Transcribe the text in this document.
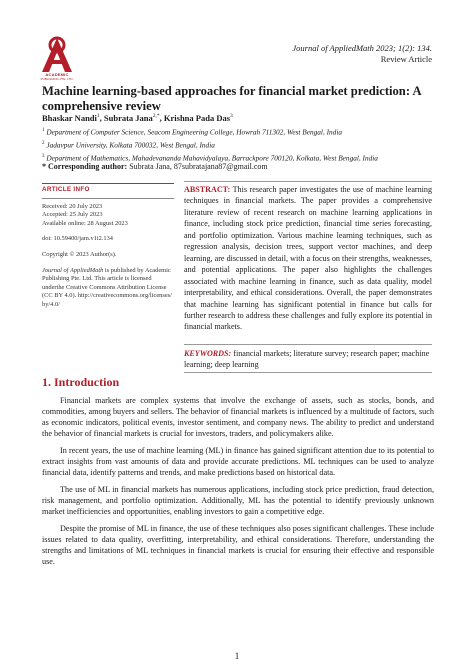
ACADEMIC
PUBLISHING PTE. LTD.
Journal of AppliedMath 2023; 1(2): 134.
Review Article
Machine learning-based approaches for financial market prediction: A comprehensive review
Bhaskar Nandi$^1$, Subrata Jana$^{2,*}$, Krishna Pada Das$^3$
$^1$ Department of Computer Science, Seacom Engineering College, Howrah 711302, West Bengal, India
$^2$ Jadavpur University, Kolkata 700032, West Bengal, India
$^3$ Department of Mathematics, Mahadevananda Mahavidyalaya, Barrackpore 700120, Kolkata, West Bengal, India
* Corresponding author: Subrata Jana, 87subratajana87@gmail.com
ARTICLE INFO
Received: 20 July 2023
Accepted: 25 July 2023
Available online: 28 August 2023
doi: 10.59400/jam.v1i2.134
Copyright © 2023 Author(s).
Journal of AppliedMath is published by Academic Publishing Pte. Ltd. This article is licensed underthe Creative Commons Attribution License (CC BY 4.0). http://creativecommons.org/licenses/by/4.0/
ABSTRACT: This research paper investigates the use of machine learning techniques in financial markets. The paper provides a comprehensive literature review of recent research on machine learning applications in finance, including stock price prediction, financial time series forecasting, and portfolio optimization. Various machine learning techniques, such as regression analysis, decision trees, support vector machines, and deep learning, are discussed in detail, with a focus on their strengths, weaknesses, and potential applications. The paper also highlights the challenges associated with machine learning in finance, such as data quality, model interpretability, and ethical considerations. Overall, the paper demonstrates that machine learning has significant potential in finance but calls for further research to address these challenges and fully explore its potential in financial markets.
KEYWORDS: financial markets; literature survey; research paper; machine learning; deep learning
1. Introduction

Financial markets are complex systems that involve the exchange of assets, such as stocks, bonds, and commodities, among buyers and sellers. The behavior of financial markets is influenced by a multitude of factors, such as economic indicators, political events, investor sentiment, and company news. The ability to predict and understand the behavior of financial markets is crucial for investors, traders, and policymakers alike.

In recent years, the use of machine learning (ML) in finance has gained significant attention due to its potential to extract insights from vast amounts of data and provide accurate predictions. ML techniques can be used to analyze financial data, identify patterns and trends, and make predictions based on historical data.

The use of ML in financial markets has numerous applications, including stock price prediction, fraud detection, risk management, and portfolio optimization. Additionally, ML has the potential to identify previously unknown market inefficiencies and opportunities, enabling investors to gain a competitive edge.

Despite the promise of ML in finance, the use of these techniques also poses significant challenges. These include issues related to data quality, overfitting, interpretability, and ethical considerations. Therefore, understanding the strengths and limitations of ML techniques in financial markets is crucial for ensuring their effective and responsible use.

1
